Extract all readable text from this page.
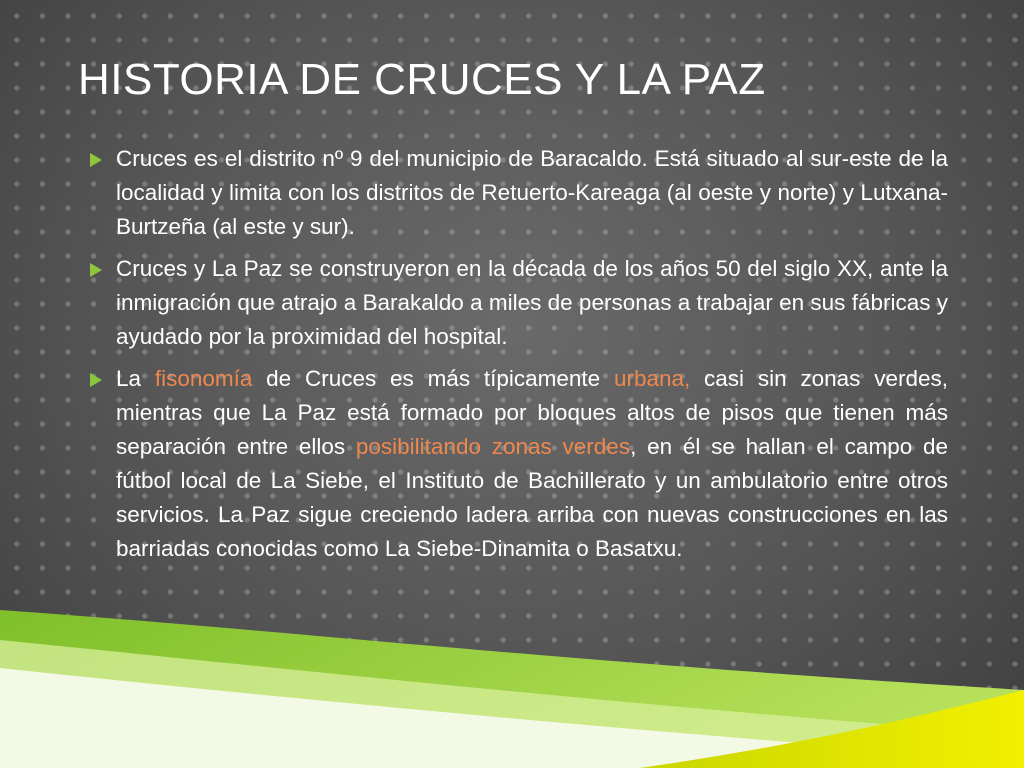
HISTORIA DE CRUCES Y LA PAZ
Cruces es el distrito nº 9 del municipio de Baracaldo. Está situado al sur-este de la localidad y limita con los distritos de Retuerto-Kareaga (al oeste y norte) y Lutxana-Burtzeña (al este y sur).
Cruces y La Paz se construyeron en la década de los años 50 del siglo XX, ante la inmigración que atrajo a Barakaldo a miles de personas a trabajar en sus fábricas y ayudado por la proximidad del hospital.
La fisonomía de Cruces es más típicamente urbana, casi sin zonas verdes, mientras que La Paz está formado por bloques altos de pisos que tienen más separación entre ellos posibilitando zonas verdes, en él se hallan el campo de fútbol local de La Siebe, el Instituto de Bachillerato y un ambulatorio entre otros servicios. La Paz sigue creciendo ladera arriba con nuevas construcciones en las barriadas conocidas como La Siebe-Dinamita o Basatxu.
